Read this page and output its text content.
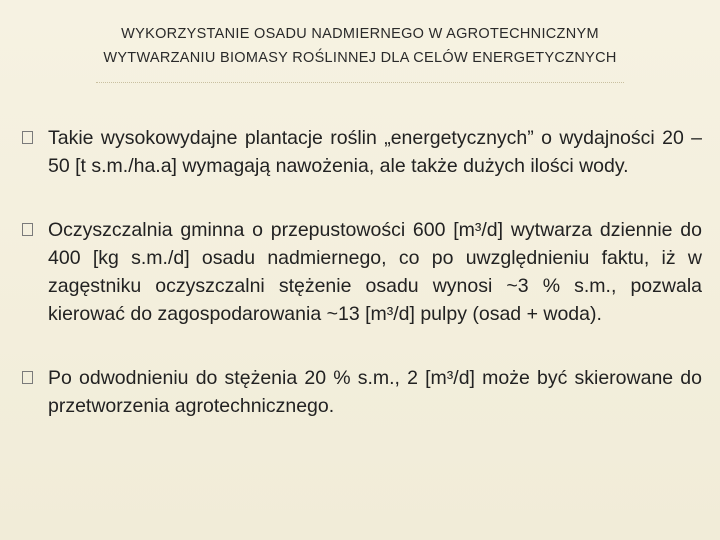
WYKORZYSTANIE OSADU NADMIERNEGO W AGROTECHNICZNYM
WYTWARZANIU BIOMASY ROŚLINNEJ DLA CELÓW ENERGETYCZNYCH
Takie wysokowydajne plantacje roślin „energetycznych” o wydajności 20 – 50 [t s.m./ha.a] wymagają nawożenia, ale także dużych ilości wody.
Oczyszczalnia gminna o przepustowości 600 [m³/d] wytwarza dziennie do 400 [kg s.m./d] osadu nadmiernego, co po uwzględnieniu faktu, iż w zagęstniku oczyszczalni stężenie osadu wynosi ~3 % s.m., pozwala kierować do zagospodarowania ~13 [m³/d] pulpy (osad + woda).
Po odwodnieniu do stężenia 20 % s.m., 2 [m³/d] może być skierowane do przetworzenia agrotechnicznego.
